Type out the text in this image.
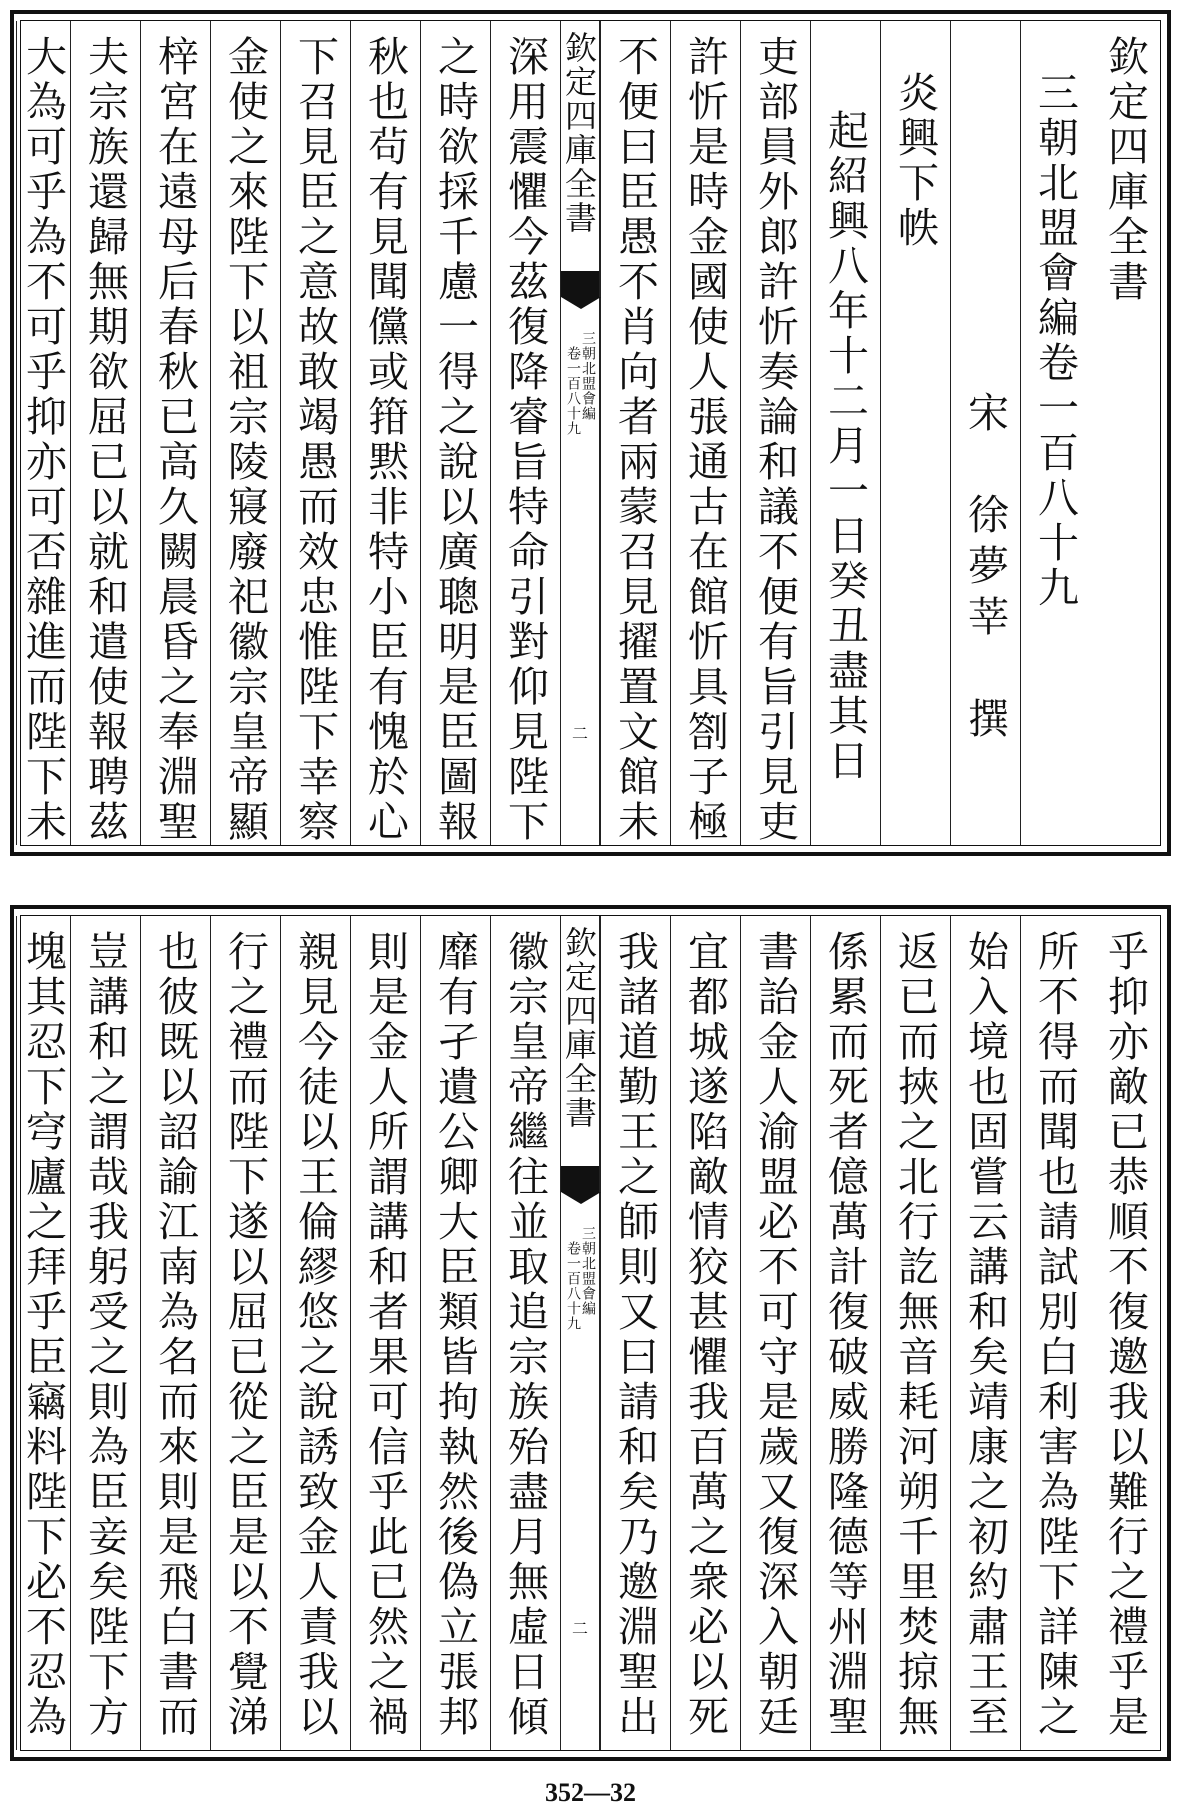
欽定四庫全書
三朝北盟會編卷一百八十九
宋　徐夢莘　撰
炎興下帙
起紹興八年十二月一日癸丑盡其日
吏部員外郎許忻奏論和議不便有旨引見吏
許忻是時金國使人張通古在館忻具劄子極
不便曰臣愚不肖向者兩蒙召見擢置文館未
欽定四庫全書
三朝北盟會編
卷一百八十九
二
深用震懼今茲復降睿旨特命引對仰見陛下
之時欲採千慮一得之說以廣聰明是臣圖報
秋也茍有見聞儻或箝黙非特小臣有愧於心
下召見臣之意故敢竭愚而效忠惟陛下幸察
金使之來陛下以祖宗陵寢廢祀徽宗皇帝顯
梓宮在遠母后春秋已高久闕晨昏之奉淵聖
夫宗族還歸無期欲屈已以就和遣使報聘茲
大為可乎為不可乎抑亦可否雜進而陛下未
乎抑亦敵已恭順不復邀我以難行之禮乎是
所不得而聞也請試別白利害為陛下詳陳之
始入境也固嘗云講和矣靖康之初約肅王至
返已而挾之北行訖無音耗河朔千里焚掠無
係累而死者億萬計復破威勝隆德等州淵聖
書詒金人渝盟必不可守是歲又復深入朝廷
宜都城遂陷敵情狡甚懼我百萬之衆必以死
我諸道勤王之師則又曰請和矣乃邀淵聖出
欽定四庫全書
三朝北盟會編
卷一百八十九
二
徽宗皇帝繼往並取追宗族殆盡月無虛日傾
靡有孑遺公卿大臣類皆拘執然後偽立張邦
則是金人所謂講和者果可信乎此已然之禍
親見今徒以王倫繆悠之說誘致金人責我以
行之禮而陛下遂以屈已從之臣是以不覺涕
也彼既以詔諭江南為名而來則是飛白書而
豈講和之謂哉我躬受之則為臣妾矣陛下方
塊其忍下穹廬之拜乎臣竊料陛下必不忍為
352—32
